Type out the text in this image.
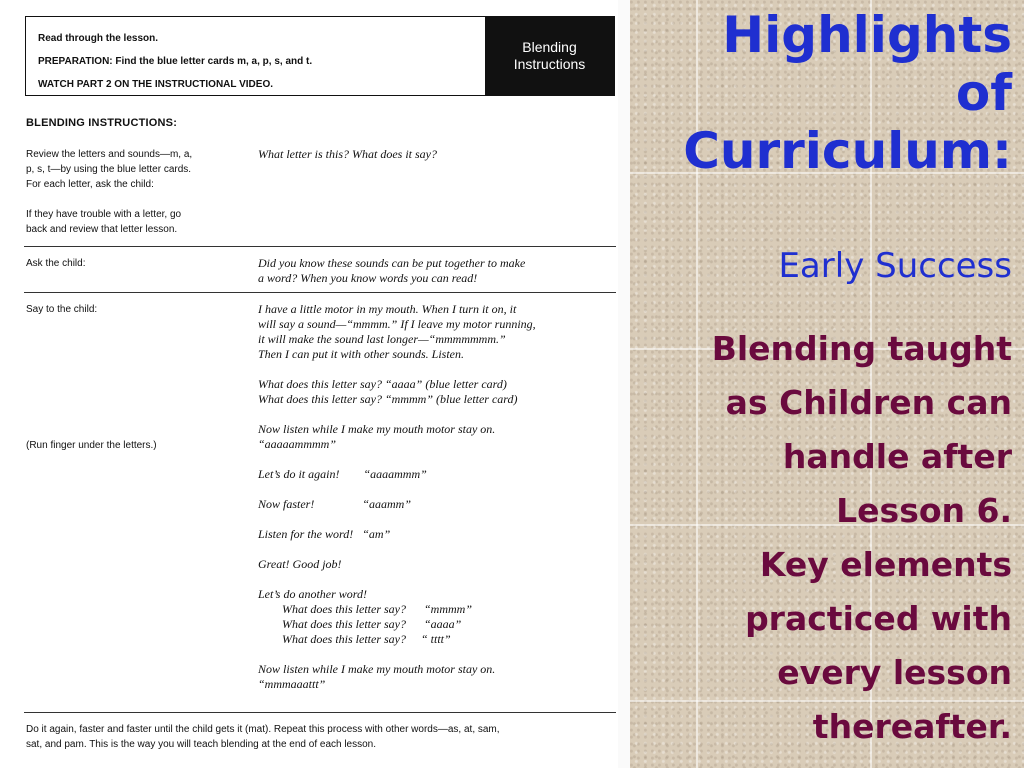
Read through the lesson.
PREPARATION: Find the blue letter cards m, a, p, s, and t.
WATCH PART 2 ON THE INSTRUCTIONAL VIDEO.
Blending
Instructions
BLENDING INSTRUCTIONS:
Review the letters and sounds—m, a,
p, s, t—by using the blue letter cards.
For each letter, ask the child:
If they have trouble with a letter, go
back and review that letter lesson.
What letter is this? What does it say?
Ask the child:	Did you know these sounds can be put together to make
a word? When you know words you can read!
Say to the child:
(Run finger under the letters.)
I have a little motor in my mouth. When I turn it on, it
will say a sound—“mmmm.” If I leave my motor running,
it will make the sound last longer—“mmmmmmm.”
Then I can put it with other sounds. Listen.
What does this letter say? “aaaa” (blue letter card)
What does this letter say? “mmmm” (blue letter card)
Now listen while I make my mouth motor stay on.
“aaaaammmm”
Let’s do it again!        “aaaammm”
Now faster!                “aaamm”
Listen for the word!   “am”
Great! Good job!
Let’s do another word!
What does this letter say?      “mmmm”
What does this letter say?      “aaaa”
What does this letter say?     “ tttt”
Now listen while I make my mouth motor stay on.
“mmmaaattt”
Do it again, faster and faster until the child gets it (mat). Repeat this process with other words—as, at, sam,
sat, and pam. This is the way you will teach blending at the end of each lesson.
Highlights
of
Curriculum:
Early Success
Blending taught
as Children can
handle after
Lesson 6.
Key elements
practiced with
every lesson
thereafter.
